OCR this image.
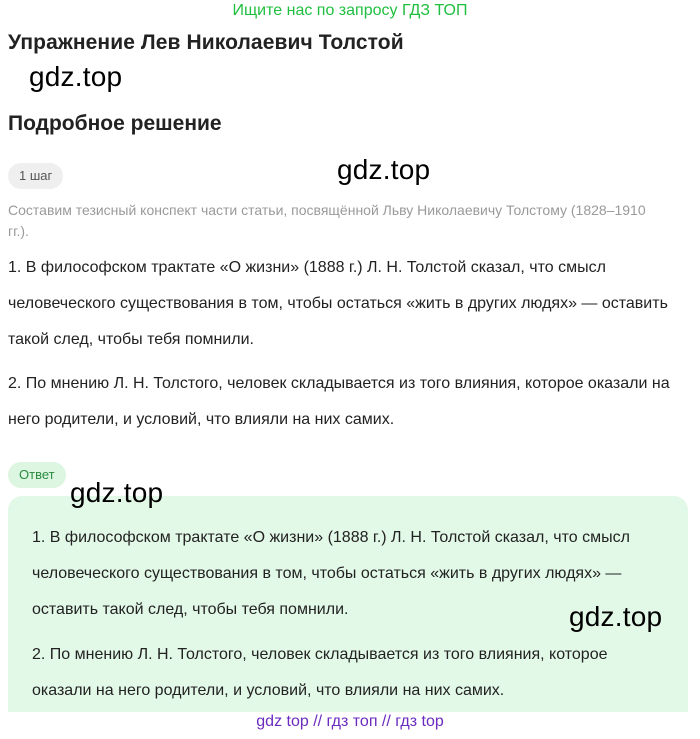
Ищите нас по запросу ГДЗ ТОП
Упражнение Лев Николаевич Толстой
gdz.top
Подробное решение
1 шаг	gdz.top
Составим тезисный конспект части статьи, посвящённой Льву Николаевичу Толстому (1828–1910 гг.).
1. В философском трактате «О жизни» (1888 г.) Л. Н. Толстой сказал, что смысл человеческого существования в том, чтобы остаться «жить в других людях» — оставить такой след, чтобы тебя помнили.
2. По мнению Л. Н. Толстого, человек складывается из того влияния, которое оказали на него родители, и условий, что влияли на них самих.
Ответ
1. В философском трактате «О жизни» (1888 г.) Л. Н. Толстой сказал, что смысл человеческого существования в том, чтобы остаться «жить в других людях» — оставить такой след, чтобы тебя помнили.
2. По мнению Л. Н. Толстого, человек складывается из того влияния, которое оказали на него родители, и условий, что влияли на них самих.
gdz.top
gdz.top
gdz top // гдз топ // гдз top
